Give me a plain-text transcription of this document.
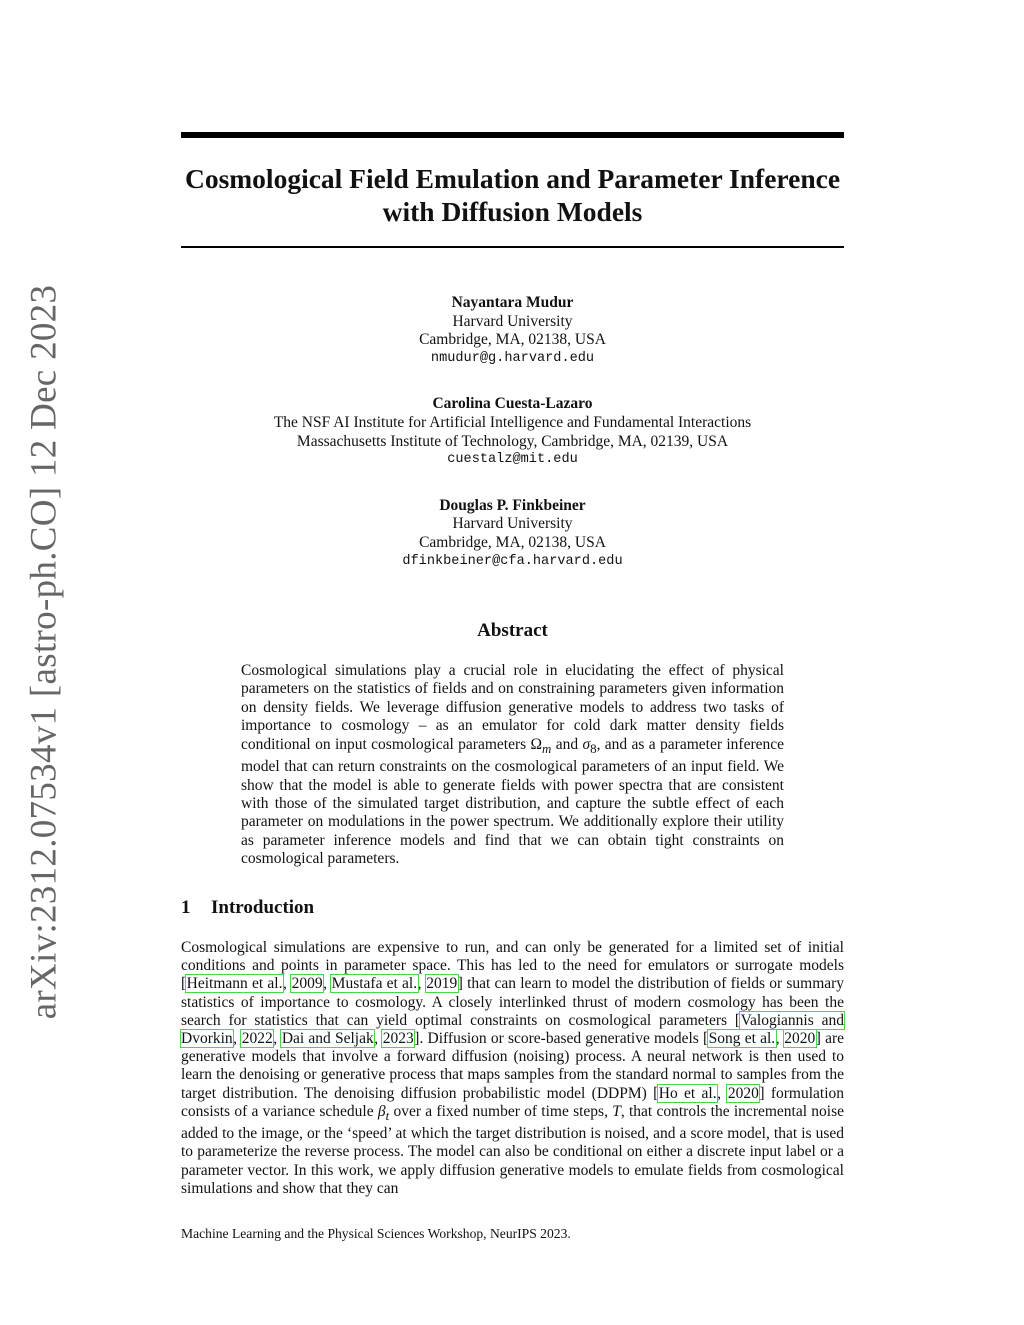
arXiv:2312.07534v1 [astro-ph.CO] 12 Dec 2023
Cosmological Field Emulation and Parameter Inference with Diffusion Models
Nayantara Mudur
Harvard University
Cambridge, MA, 02138, USA
nmudur@g.harvard.edu
Carolina Cuesta-Lazaro
The NSF AI Institute for Artificial Intelligence and Fundamental Interactions
Massachusetts Institute of Technology, Cambridge, MA, 02139, USA
cuestalz@mit.edu
Douglas P. Finkbeiner
Harvard University
Cambridge, MA, 02138, USA
dfinkbeiner@cfa.harvard.edu
Abstract

Cosmological simulations play a crucial role in elucidating the effect of physical parameters on the statistics of fields and on constraining parameters given information on density fields. We leverage diffusion generative models to address two tasks of importance to cosmology – as an emulator for cold dark matter density fields conditional on input cosmological parameters $\Omega_m$ and $\sigma_8$, and as a parameter inference model that can return constraints on the cosmological parameters of an input field. We show that the model is able to generate fields with power spectra that are consistent with those of the simulated target distribution, and capture the subtle effect of each parameter on modulations in the power spectrum. We additionally explore their utility as parameter inference models and find that we can obtain tight constraints on cosmological parameters.

1 Introduction

Cosmological simulations are expensive to run, and can only be generated for a limited set of initial conditions and points in parameter space. This has led to the need for emulators or surrogate models [Heitmann et al., 2009, Mustafa et al., 2019] that can learn to model the distribution of fields or summary statistics of importance to cosmology. A closely interlinked thrust of modern cosmology has been the search for statistics that can yield optimal constraints on cosmological parameters [Valogiannis and Dvorkin, 2022, Dai and Seljak, 2023]. Diffusion or score-based generative models [Song et al., 2020] are generative models that involve a forward diffusion (noising) process. A neural network is then used to learn the denoising or generative process that maps samples from the standard normal to samples from the target distribution. The denoising diffusion probabilistic model (DDPM) [Ho et al., 2020] formulation consists of a variance schedule $\beta_t$ over a fixed number of time steps, T, that controls the incremental noise added to the image, or the ‘speed’ at which the target distribution is noised, and a score model, that is used to parameterize the reverse process. The model can also be conditional on either a discrete input label or a parameter vector. In this work, we apply diffusion generative models to emulate fields from cosmological simulations and show that they can

Machine Learning and the Physical Sciences Workshop, NeurIPS 2023.
